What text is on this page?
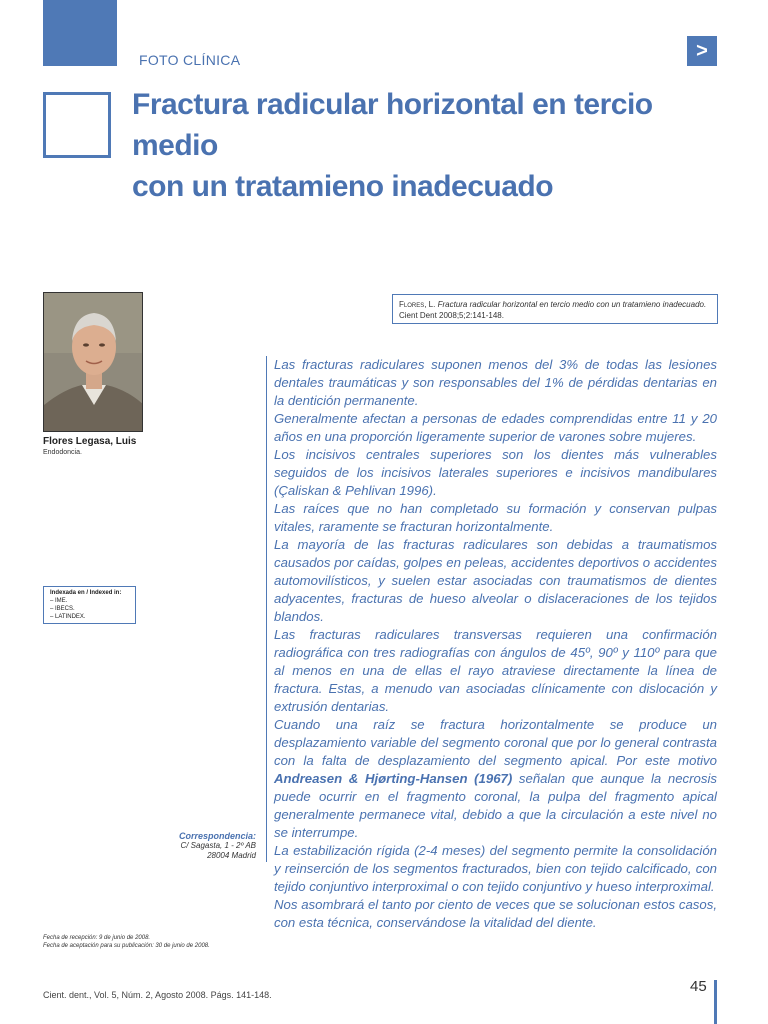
FOTO CLÍNICA	>
Fractura radicular horizontal en tercio medio
con un tratamieno inadecuado
Flores Legasa, Luis
Endodoncia.
Indexada en / Indexed in:
– IME.
– IBECS.
– LATINDEX.
Flores, L. Fractura radicular horizontal en tercio medio con un tratamieno inadecuado. Cient Dent 2008;5;2:141-148.

Las fracturas radiculares suponen menos del 3% de todas las lesiones dentales traumáticas y son responsables del 1% de pérdidas dentarias en la dentición permanente.

Generalmente afectan a personas de edades comprendidas entre 11 y 20 años en una proporción ligeramente superior de varones sobre mujeres.

Los incisivos centrales superiores son los dientes más vulnerables seguidos de los incisivos laterales superiores e incisivos mandibulares (Çaliskan & Pehlivan 1996).

Las raíces que no han completado su formación y conservan pulpas vitales, raramente se fracturan horizontalmente.

La mayoría de las fracturas radiculares son debidas a traumatismos causados por caídas, golpes en peleas, accidentes deportivos o accidentes automovilísticos, y suelen estar asociadas con traumatismos de dientes adyacentes, fracturas de hueso alveolar o dislaceraciones de los tejidos blandos.

Las fracturas radiculares transversas requieren una confirmación radiográfica con tres radiografías con ángulos de 45º, 90º y 110º para que al menos en una de ellas el rayo atraviese directamente la línea de fractura. Estas, a menudo van asociadas clínicamente con dislocación y extrusión dentarias.

Cuando una raíz se fractura horizontalmente se produce un desplazamiento variable del segmento coronal que por lo general contrasta con la falta de desplazamiento del segmento apical. Por este motivo Andreasen & Hjørting-Hansen (1967) señalan que aunque la necrosis puede ocurrir en el fragmento coronal, la pulpa del fragmento apical generalmente permanece vital, debido a que la circulación a este nivel no se interrumpe.

La estabilización rígida (2-4 meses) del segmento permite la consolidación y reinserción de los segmentos fracturados, bien con tejido calcificado, con tejido conjuntivo interproximal o con tejido conjuntivo y hueso interproximal.

Nos asombrará el tanto por ciento de veces que se solucionan estos casos, con esta técnica, conservándose la vitalidad del diente.

Correspondencia:
C/ Sagasta, 1 - 2º AB
28004 Madrid
Fecha de recepción: 9 de junio de 2008.
Fecha de aceptación para su publicación: 30 de junio de 2008.
Cient. dent., Vol. 5, Núm. 2, Agosto 2008. Págs. 141-148.	45
